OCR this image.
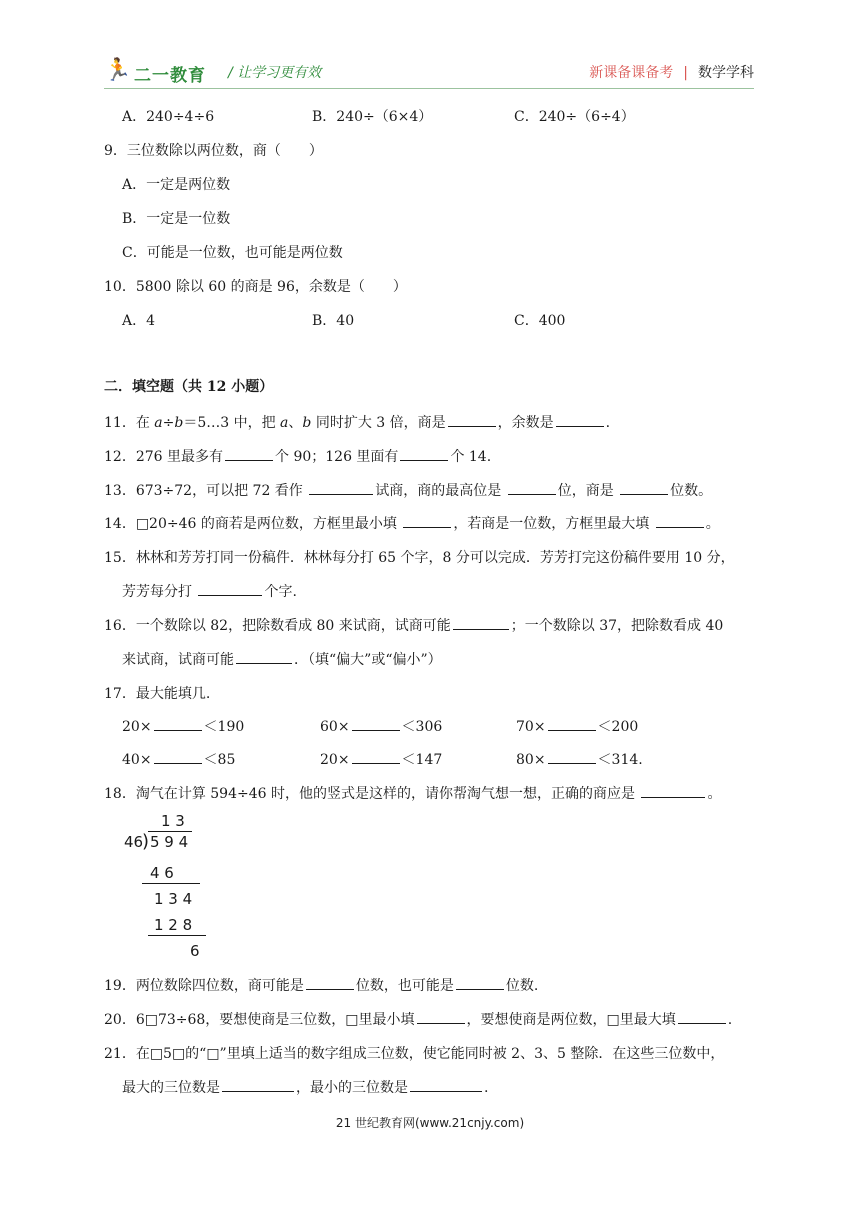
🏃 二一教育 / 让学习更有效	新课备课备考 | 数学学科
A．240÷4÷6	B．240÷（6×4）	C．240÷（6÷4）
9．三位数除以两位数，商（　　）
A．一定是两位数
B．一定是一位数
C．可能是一位数，也可能是两位数
10．5800 除以 60 的商是 96，余数是（　　）
A．4	B．40	C．400
二．填空题（共 12 小题）
11．在 a÷b＝5…3 中，把 a、b 同时扩大 3 倍，商是	，余数是	.
12．276 里最多有	个 90；126 里面有	个 14.
13．673÷72，可以把 72 看作	试商，商的最高位是	位，商是	位数。
14．□20÷46 的商若是两位数，方框里最小填	，若商是一位数，方框里最大填	。
15．林林和芳芳打同一份稿件．林林每分打 65 个字，8 分可以完成．芳芳打完这份稿件要用 10 分，
芳芳每分打	个字.
16．一个数除以 82，把除数看成 80 来试商，试商可能	；一个数除以 37，把除数看成 40
来试商，试商可能	．（填“偏大”或“偏小”）
17．最大能填几.
20×	＜190	60×	＜306	70×	＜200
40×	＜85	20×	＜147	80×	＜314.
18．淘气在计算 594÷46 时，他的竖式是这样的，请你帮淘气想一想，正确的商应是	。
1 3
46
) 5 9 4
4 6
1 3 4
1 2 8
6
19．两位数除四位数，商可能是	位数，也可能是	位数.
20．6□73÷68，要想使商是三位数，□里最小填	，要想使商是两位数，□里最大填	.
21．在□5□的“□”里填上适当的数字组成三位数，使它能同时被 2、3、5 整除．在这些三位数中，
最大的三位数是	，最小的三位数是	.
21 世纪教育网(www.21cnjy.com)
